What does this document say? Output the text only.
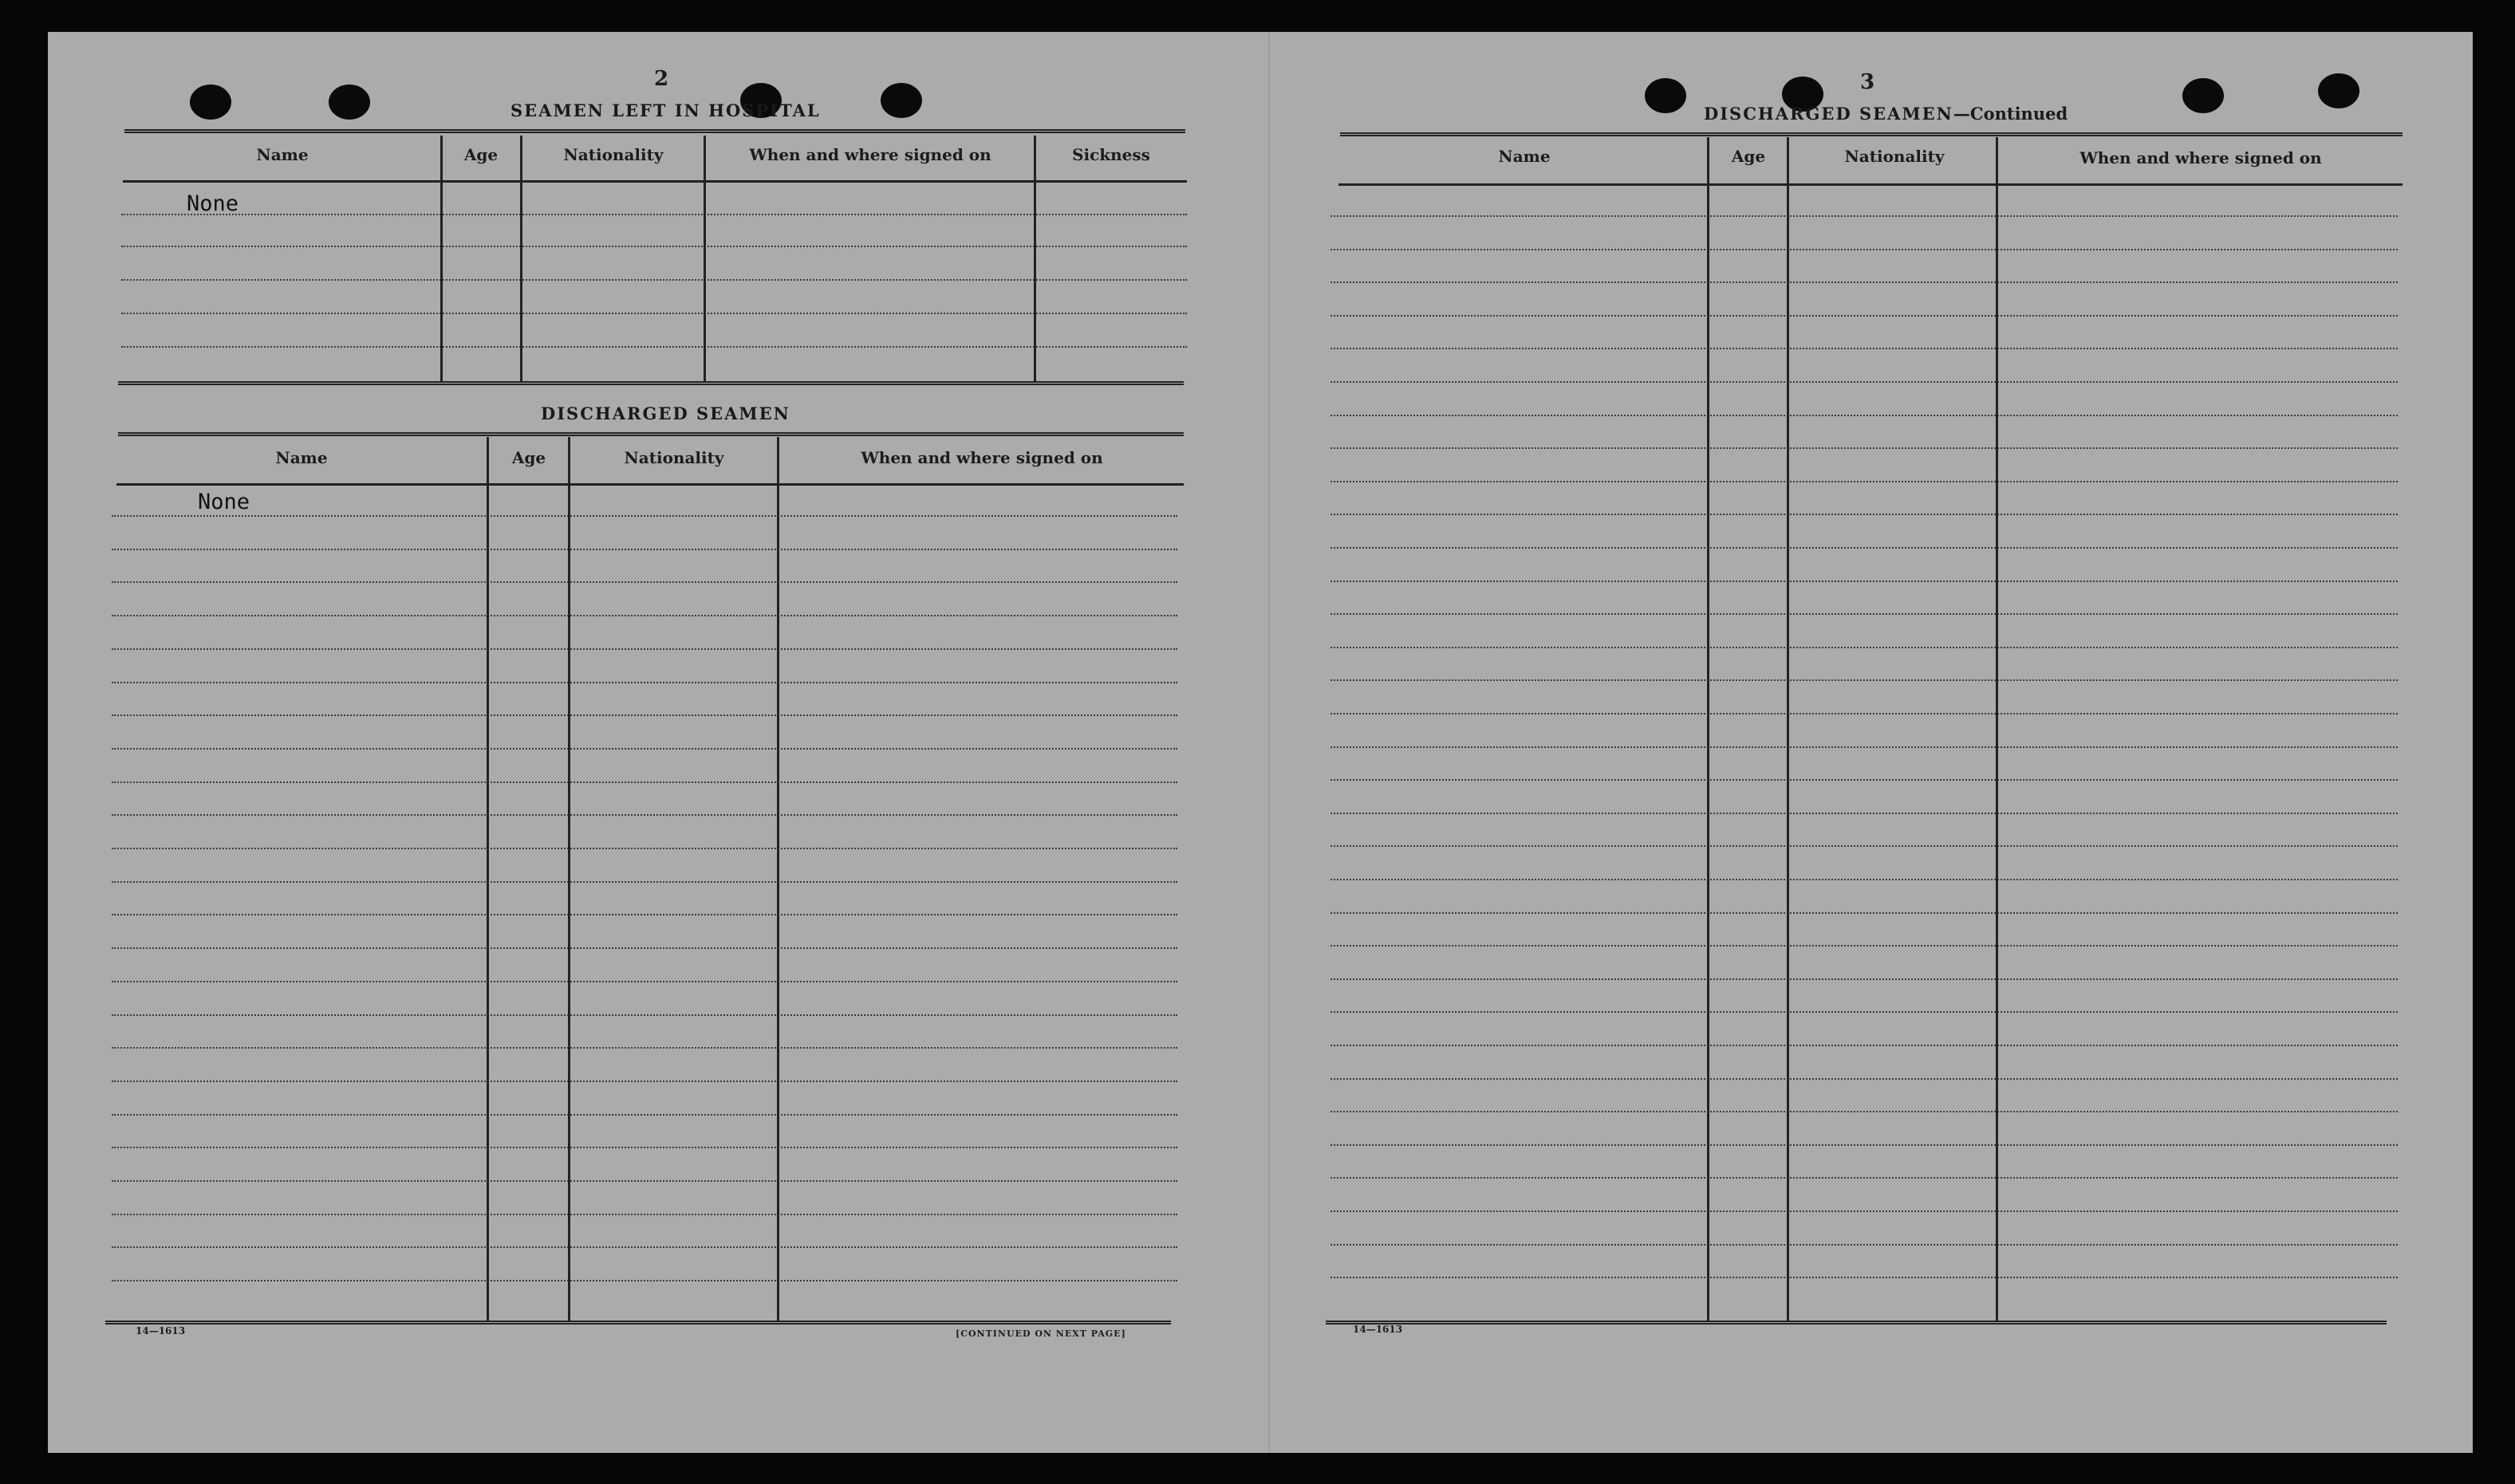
2
SEAMEN LEFT IN HOSPITAL
Name	Age	Nationality	When and where signed on	Sickness
None
DISCHARGED SEAMEN
Name	Age	Nationality	When and where signed on
None
14—1613	[CONTINUED ON NEXT PAGE]
3
DISCHARGED SEAMEN—Continued
Name	Age	Nationality	When and where signed on
14—1613
